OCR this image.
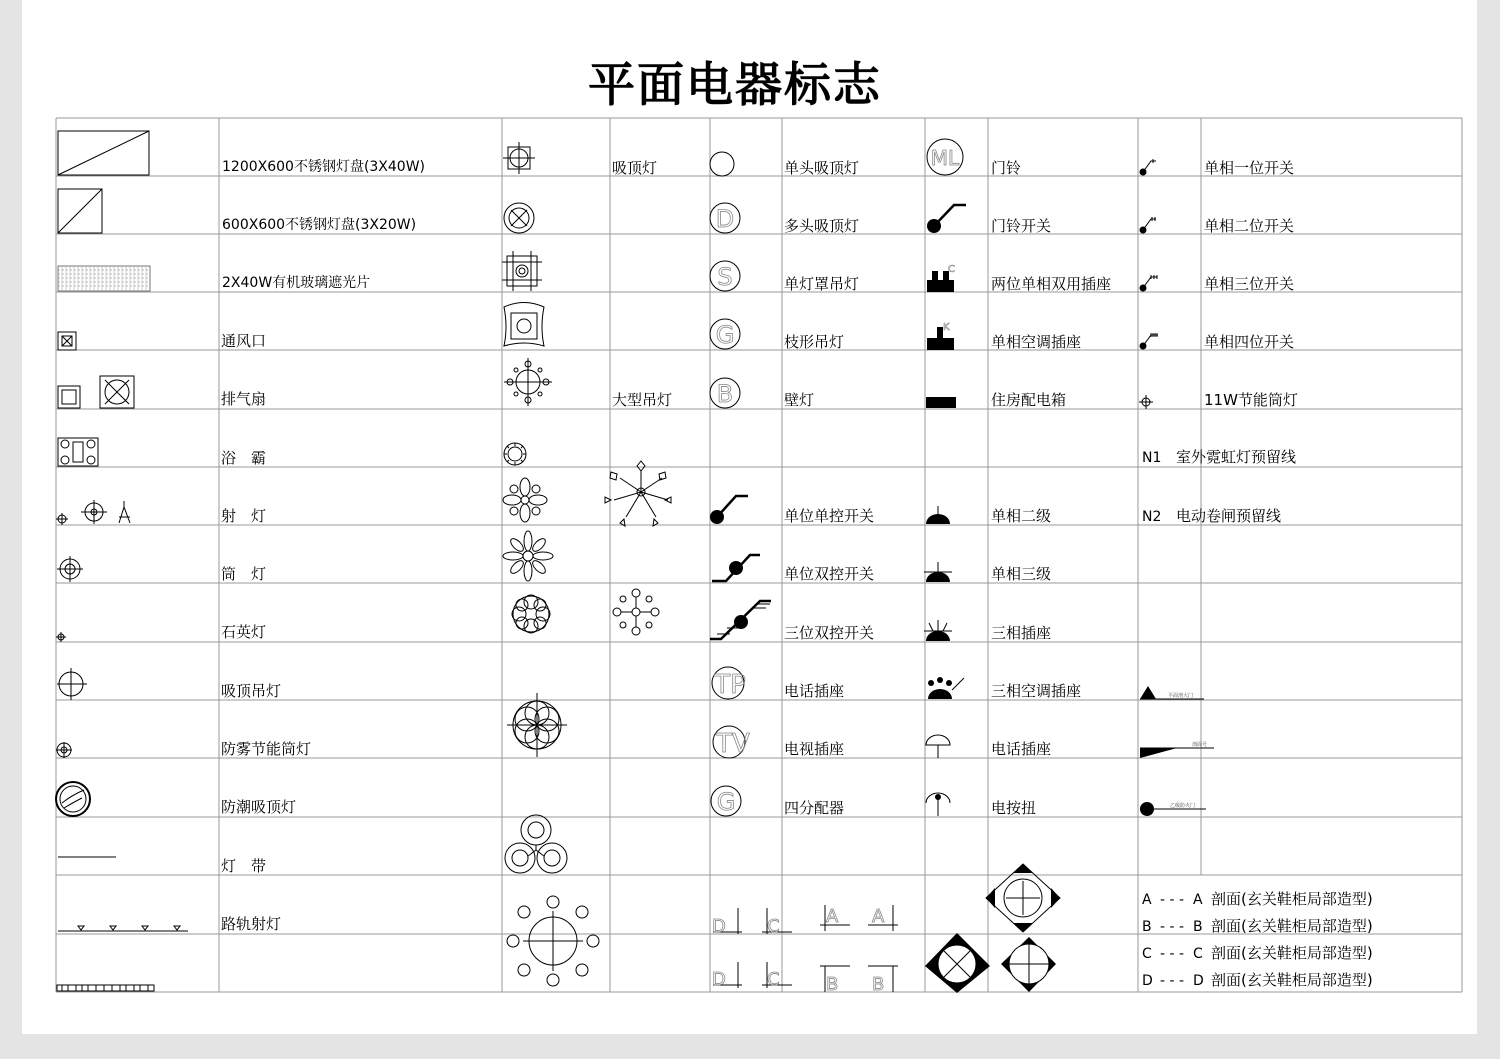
平面电器标志
1200X600不锈钢灯盘(3X40W)
600X600不锈钢灯盘(3X20W)
2X40W有机玻璃遮光片
通风口
排气扇
浴　霸
射　灯
筒　灯
石英灯
吸顶吊灯
防雾节能筒灯
防潮吸顶灯
灯　带
路轨射灯
吸顶灯
大型吊灯
单头吸顶灯
多头吸顶灯
单灯罩吊灯
枝形吊灯
壁灯
单位单控开关
单位双控开关
三位双控开关
电话插座
电视插座
四分配器
D
S
G
B
TP
TV
G
D C	A A
D C	B B
门铃
门铃开关
两位单相双用插座
单相空调插座
住房配电箱
单相二级
单相三级
三相插座
三相空调插座
电话插座
电按扭
ML
C
K
单相一位开关
单相二位开关
单相三位开关
单相四位开关
11W节能筒灯
N1 室外霓虹灯预留线
N2 电动卷闸预留线
平面剖大门
剖面号
乙级防火门
A - - - A 剖面(玄关鞋柜局部造型)
B - - - B 剖面(玄关鞋柜局部造型)
C - - - C 剖面(玄关鞋柜局部造型)
D - - - D 剖面(玄关鞋柜局部造型)
